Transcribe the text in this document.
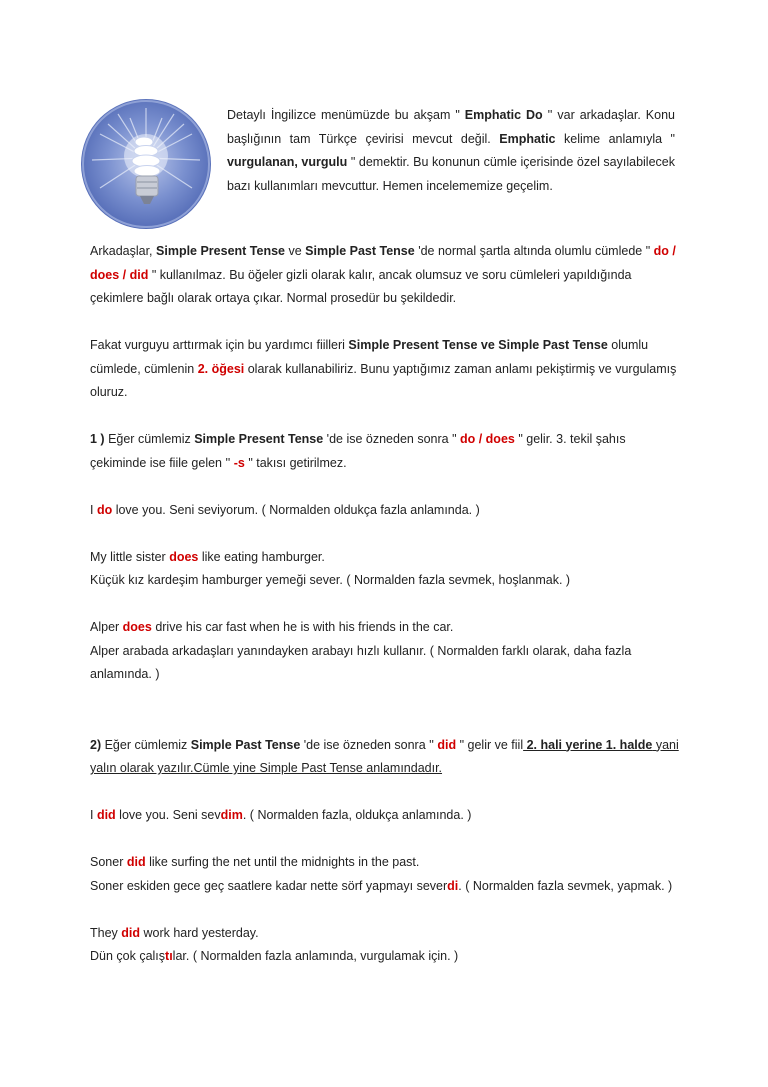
Detaylı İngilizce menümüzde bu akşam " Emphatic Do '' var arkadaşlar. Konu başlığının tam Türkçe çevirisi mevcut değil. Emphatic kelime anlamıyla " vurgulanan, vurgulu " demektir. Bu konunun cümle içerisinde özel sayılabilecek bazı kullanımları mevcuttur. Hemen incelememize geçelim.

Arkadaşlar, Simple Present Tense ve Simple Past Tense 'de normal şartla altında olumlu cümlede " do / does / did " kullanılmaz. Bu öğeler gizli olarak kalır, ancak olumsuz ve soru cümleleri yapıldığında çekimlere bağlı olarak ortaya çıkar. Normal prosedür bu şekildedir.

Fakat vurguyu arttırmak için bu yardımcı fiilleri Simple Present Tense ve Simple Past Tense olumlu cümlede, cümlenin 2. öğesi olarak kullanabiliriz. Bunu yaptığımız zaman anlamı pekiştirmiş ve vurgulamış oluruz.

1 ) Eğer cümlemiz Simple Present Tense 'de ise özneden sonra " do / does " gelir. 3. tekil şahıs çekiminde ise fiile gelen '' -s " takısı getirilmez.

I do love you. Seni seviyorum. ( Normalden oldukça fazla anlamında. )

My little sister does like eating hamburger.

Küçük kız kardeşim hamburger yemeği sever. ( Normalden fazla sevmek, hoşlanmak. )

Alper does drive his car fast when he is with his friends in the car.

Alper arabada arkadaşları yanındayken arabayı hızlı kullanır. ( Normalden farklı olarak, daha fazla anlamında. )

2) Eğer cümlemiz Simple Past Tense 'de ise özneden sonra '' did " gelir ve fiil 2. hali yerine 1. halde yani yalın olarak yazılır.Cümle yine Simple Past Tense anlamındadır.

I did love you. Seni sevdim. ( Normalden fazla, oldukça anlamında. )

Soner did like surfing the net until the midnights in the past.

Soner eskiden gece geç saatlere kadar nette sörf yapmayı severdi. ( Normalden fazla sevmek, yapmak. )

They did work hard yesterday.

Dün çok çalıştılar. ( Normalden fazla anlamında, vurgulamak için. )
